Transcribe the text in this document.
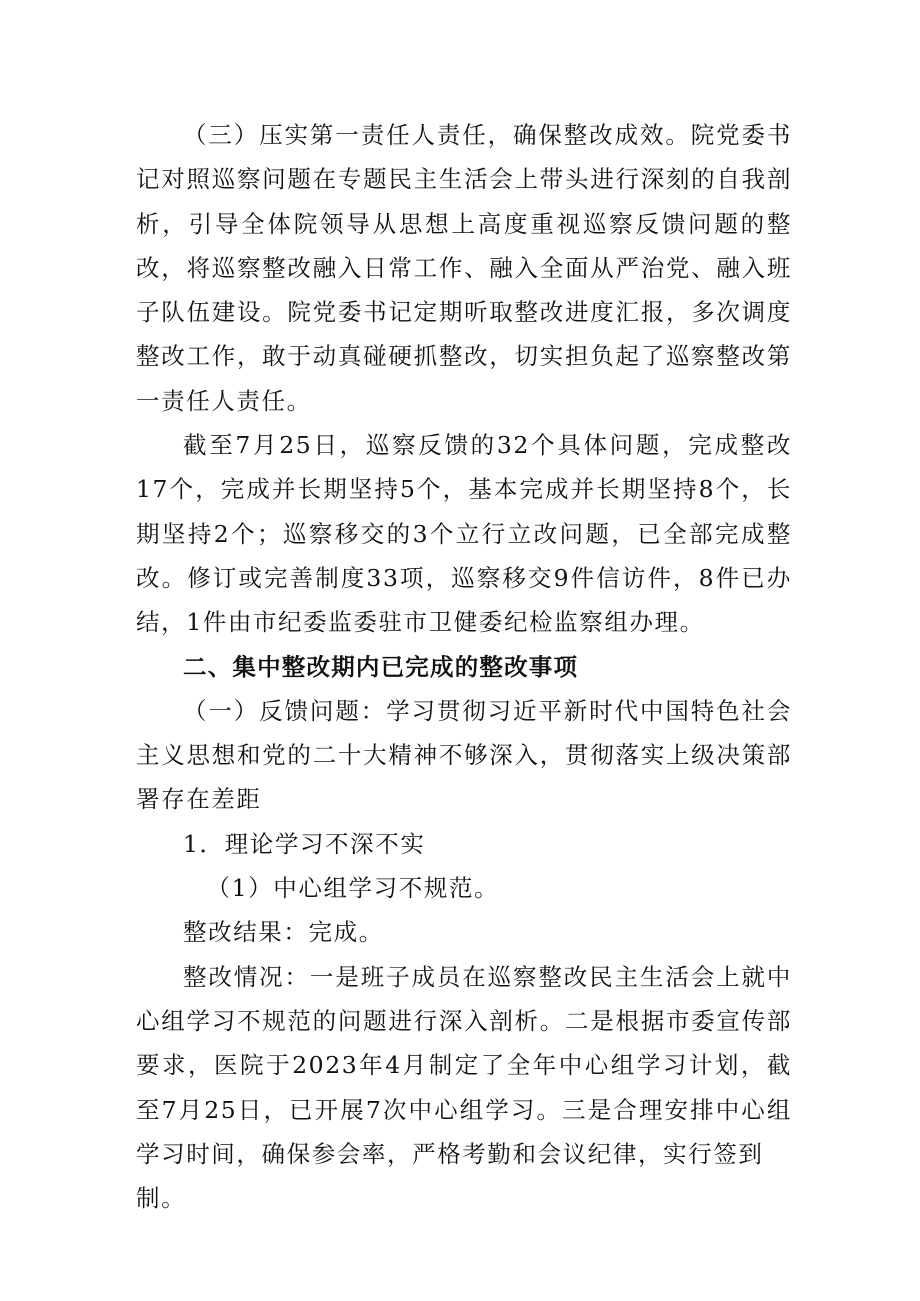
（三）压实第一责任人责任，确保整改成效。院党委书记对照巡察问题在专题民主生活会上带头进行深刻的自我剖析，引导全体院领导从思想上高度重视巡察反馈问题的整改，将巡察整改融入日常工作、融入全面从严治党、融入班子队伍建设。院党委书记定期听取整改进度汇报，多次调度整改工作，敢于动真碰硬抓整改，切实担负起了巡察整改第一责任人责任。

截至7月25日，巡察反馈的32个具体问题，完成整改17个，完成并长期坚持5个，基本完成并长期坚持8个，长期坚持2个；巡察移交的3个立行立改问题，已全部完成整改。修订或完善制度33项，巡察移交9件信访件，8件已办结，1件由市纪委监委驻市卫健委纪检监察组办理。

二、集中整改期内已完成的整改事项

（一）反馈问题：学习贯彻习近平新时代中国特色社会主义思想和党的二十大精神不够深入，贯彻落实上级决策部署存在差距

1．理论学习不深不实

（1）中心组学习不规范。

整改结果：完成。

整改情况：一是班子成员在巡察整改民主生活会上就中心组学习不规范的问题进行深入剖析。二是根据市委宣传部要求，医院于2023年4月制定了全年中心组学习计划，截至7月25日，已开展7次中心组学习。三是合理安排中心组学习时间，确保参会率，严格考勤和会议纪律，实行签到

制。
